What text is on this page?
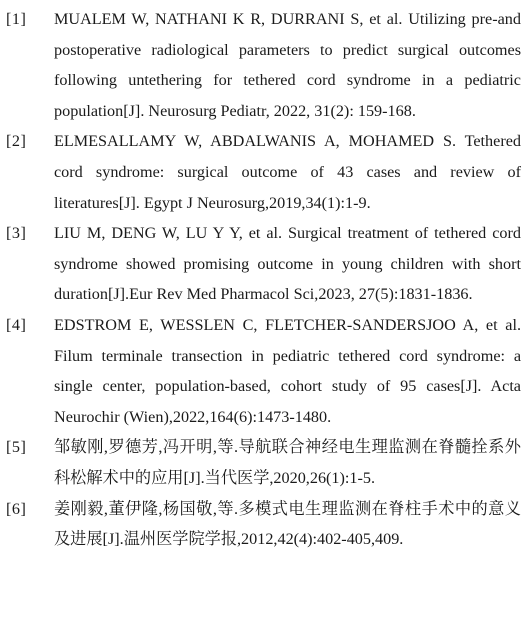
[1] MUALEM W, NATHANI K R, DURRANI S, et al. Utilizing pre-and postoperative radiological parameters to predict surgical outcomes following untethering for tethered cord syndrome in a pediatric population[J]. Neurosurg Pediatr, 2022, 31(2): 159-168.
[2] ELMESALLAMY W, ABDALWANIS A, MOHAMED S. Tethered cord syndrome: surgical outcome of 43 cases and review of literatures[J]. Egypt J Neurosurg,2019,34(1):1-9.
[3] LIU M, DENG W, LU Y Y, et al. Surgical treatment of tethered cord syndrome showed promising outcome in young children with short duration[J].Eur Rev Med Pharmacol Sci,2023, 27(5):1831-1836.
[4] EDSTROM E, WESSLEN C, FLETCHER-SANDERSJOO A, et al. Filum terminale transection in pediatric tethered cord syndrome: a single center, population-based, cohort study of 95 cases[J]. Acta Neurochir (Wien),2022,164(6):1473-1480.
[5] 邹敏刚,罗德芳,冯开明,等.导航联合神经电生理监测在脊髓拴系外科松解术中的应用[J].当代医学,2020,26(1):1-5.
[6] 姜刚毅,董伊隆,杨国敬,等.多模式电生理监测在脊柱手术中的意义及进展[J].温州医学院学报,2012,42(4):402-405,409.
